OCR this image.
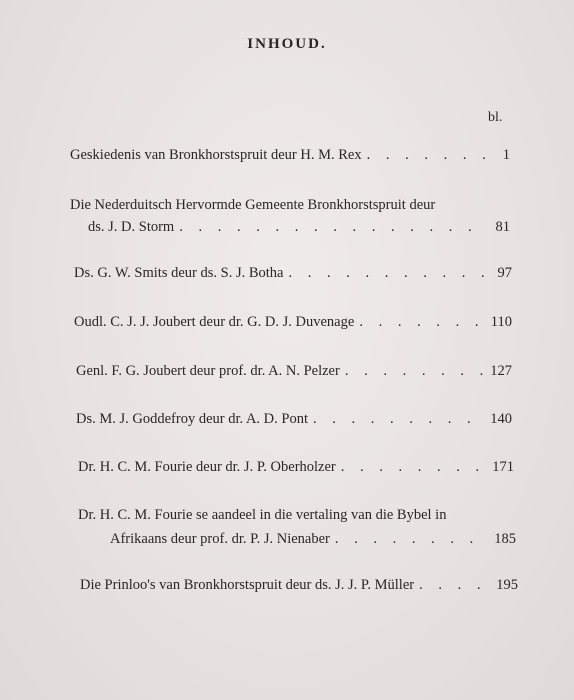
INHOUD.
bl.
Geskiedenis van Bronkhorstspruit deur H. M. Rex . . .	1
Die Nederduitsch Hervormde Gemeente Bronkhorstspruit deur
ds. J. D. Storm . . .	81
Ds. G. W. Smits deur ds. S. J. Botha . . .	97
Oudl. C. J. J. Joubert deur dr. G. D. J. Duvenage . . .	110
Genl. F. G. Joubert deur prof. dr. A. N. Pelzer . . .	127
Ds. M. J. Goddefroy deur dr. A. D. Pont . . .	140
Dr. H. C. M. Fourie deur dr. J. P. Oberholzer . . .	171
Dr. H. C. M. Fourie se aandeel in die vertaling van die Bybel in
Afrikaans deur prof. dr. P. J. Nienaber . . .	185
Die Prinloo's van Bronkhorstspruit deur ds. J. J. P. Müller . . .	195
